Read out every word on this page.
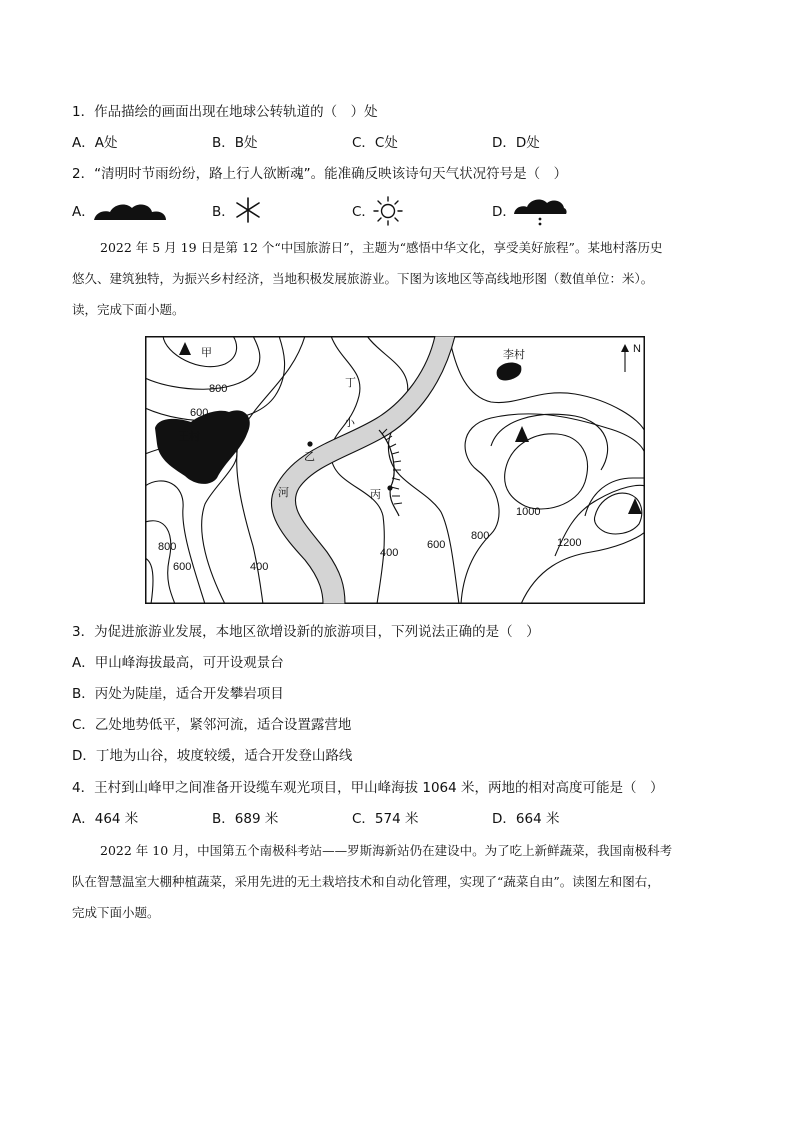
1．作品描绘的画面出现在地球公转轨道的（　）处
A．A处	B．B处	C．C处	D．D处
2．“清明时节雨纷纷，路上行人欲断魂”。能准确反映该诗句天气状况符号是（　）
A．	B．	C．	D．
2022 年 5 月 19 日是第 12 个“中国旅游日”，主题为“感悟中华文化，享受美好旅程”。某地村落历史
悠久、建筑独特，为振兴乡村经济，当地积极发展旅游业。下图为该地区等高线地形图（数值单位：米）。
读，完成下面小题。
甲
王村
李村	N
丁
小
河
乙
丙
800
600
800
600	400
400
600
800
1000
1200
3．为促进旅游业发展，本地区欲增设新的旅游项目，下列说法正确的是（　）
A．甲山峰海拔最高，可开设观景台
B．丙处为陡崖，适合开发攀岩项目
C．乙处地势低平，紧邻河流，适合设置露营地
D．丁地为山谷，坡度较缓，适合开发登山路线
4．王村到山峰甲之间准备开设缆车观光项目，甲山峰海拔 1064 米，两地的相对高度可能是（　）
A．464 米	B．689 米	C．574 米	D．664 米
2022 年 10 月，中国第五个南极科考站——罗斯海新站仍在建设中。为了吃上新鲜蔬菜，我国南极科考
队在智慧温室大棚种植蔬菜，采用先进的无土栽培技术和自动化管理，实现了“蔬菜自由”。读图左和图右，
完成下面小题。
